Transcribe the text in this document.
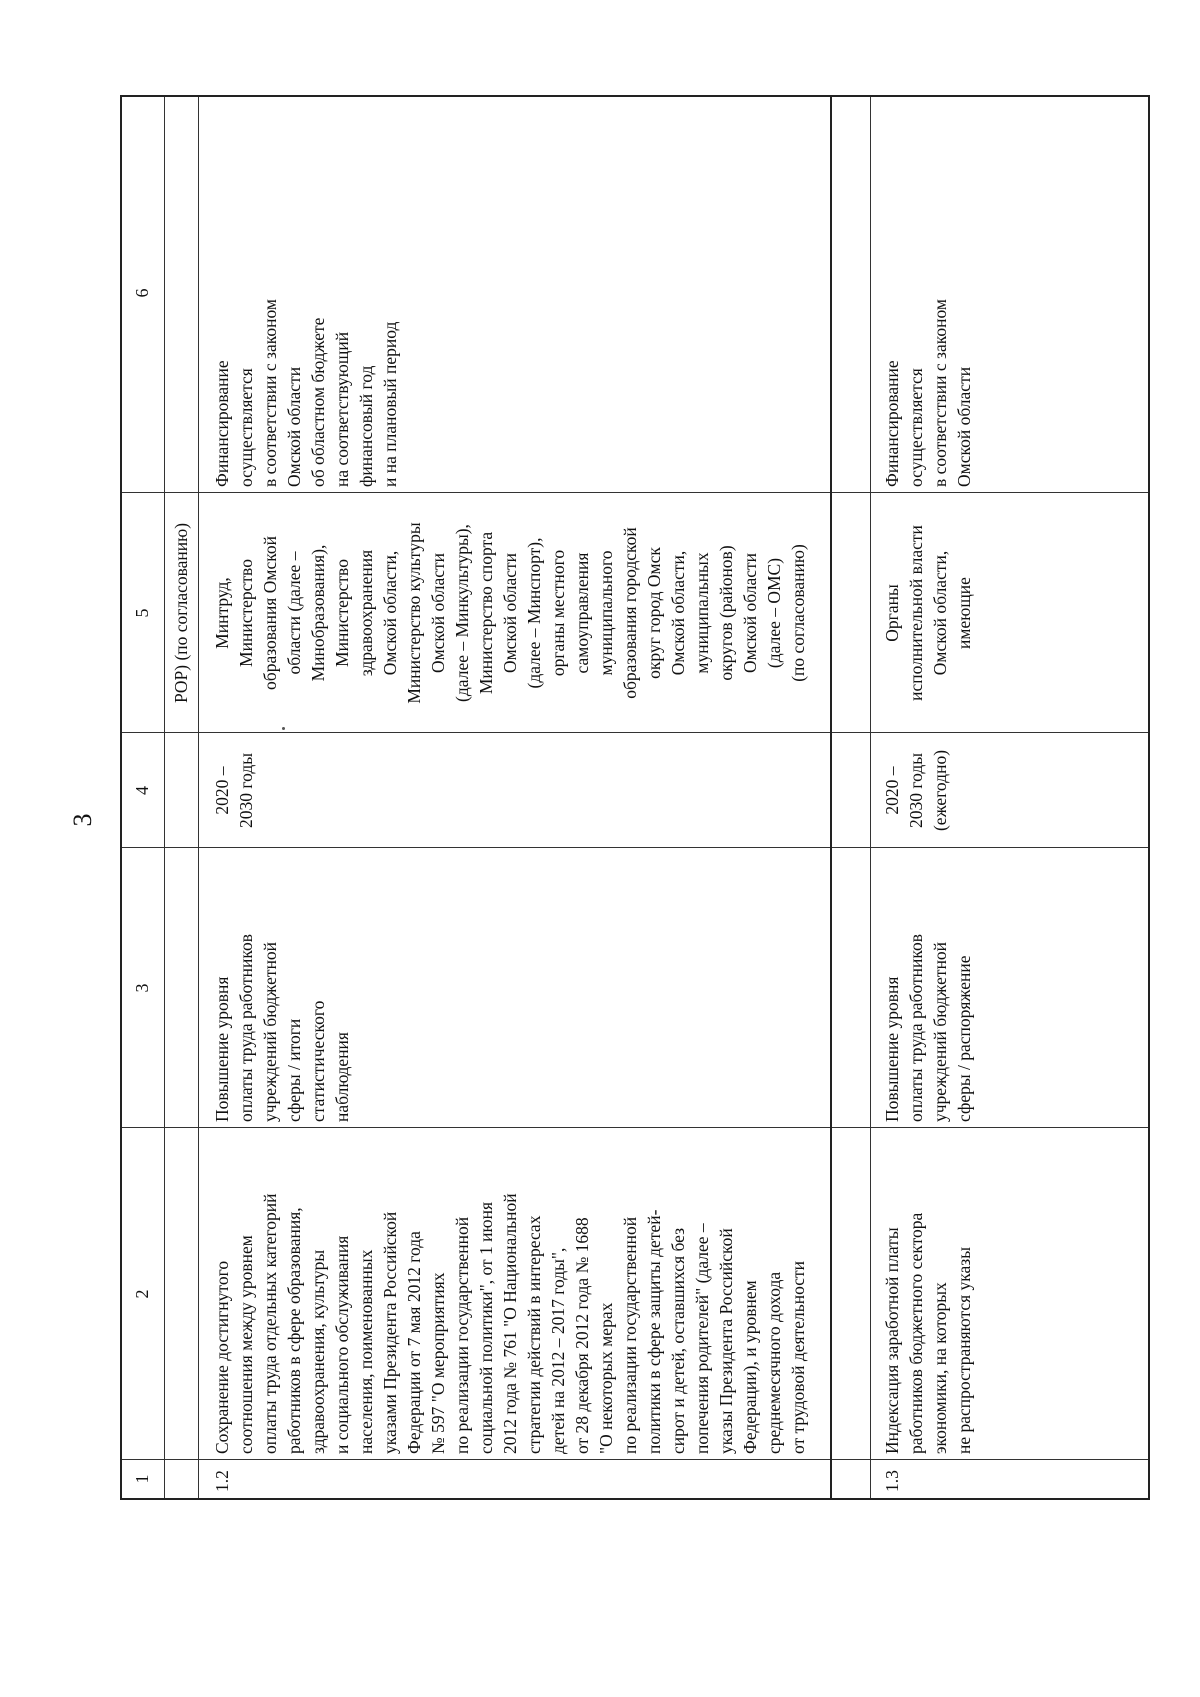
3
1
2
3
4
5
6
РОР) (по согласованию)
1.2
Сохранение достигнутого
соотношения между уровнем
оплаты труда отдельных категорий
работников в сфере образования,
здравоохранения, культуры
и социального обслуживания
населения, поименованных
указами Президента Российской
Федерации от 7 мая 2012 года
№ 597 "О мероприятиях
по реализации государственной
социальной политики", от 1 июня
2012 года № 761 "О Национальной
стратегии действий в интересах
детей на 2012 – 2017 годы",
от 28 декабря 2012 года № 1688
"О некоторых мерах
по реализации государственной
политики в сфере защиты детей-
сирот и детей, оставшихся без
попечения родителей" (далее –
указы Президента Российской
Федерации), и уровнем
среднемесячного дохода
от трудовой деятельности
Повышение уровня
оплаты труда работников
учреждений бюджетной
сферы / итоги
статистического
наблюдения
2020 –
2030 годы
Минтруд,
Министерство
образования Омской
области (далее –
Минобразования),
Министерство
здравоохранения
Омской области,
Министерство культуры
Омской области
(далее – Минкультуры),
Министерство спорта
Омской области
(далее – Минспорт),
органы местного
самоуправления
муниципального
образования городской
округ город Омск
Омской области,
муниципальных
округов (районов)
Омской области
(далее – ОМС)
(по согласованию)
Финансирование
осуществляется
в соответствии с законом
Омской области
об областном бюджете
на соответствующий
финансовый год
и на плановый период
1.3
Индексация заработной платы
работников бюджетного сектора
экономики, на которых
не распространяются указы
Повышение уровня
оплаты труда работников
учреждений бюджетной
сферы / распоряжение
2020 –
2030 годы
(ежегодно)
Органы
исполнительной власти
Омской области,
имеющие
Финансирование
осуществляется
в соответствии с законом
Омской области
